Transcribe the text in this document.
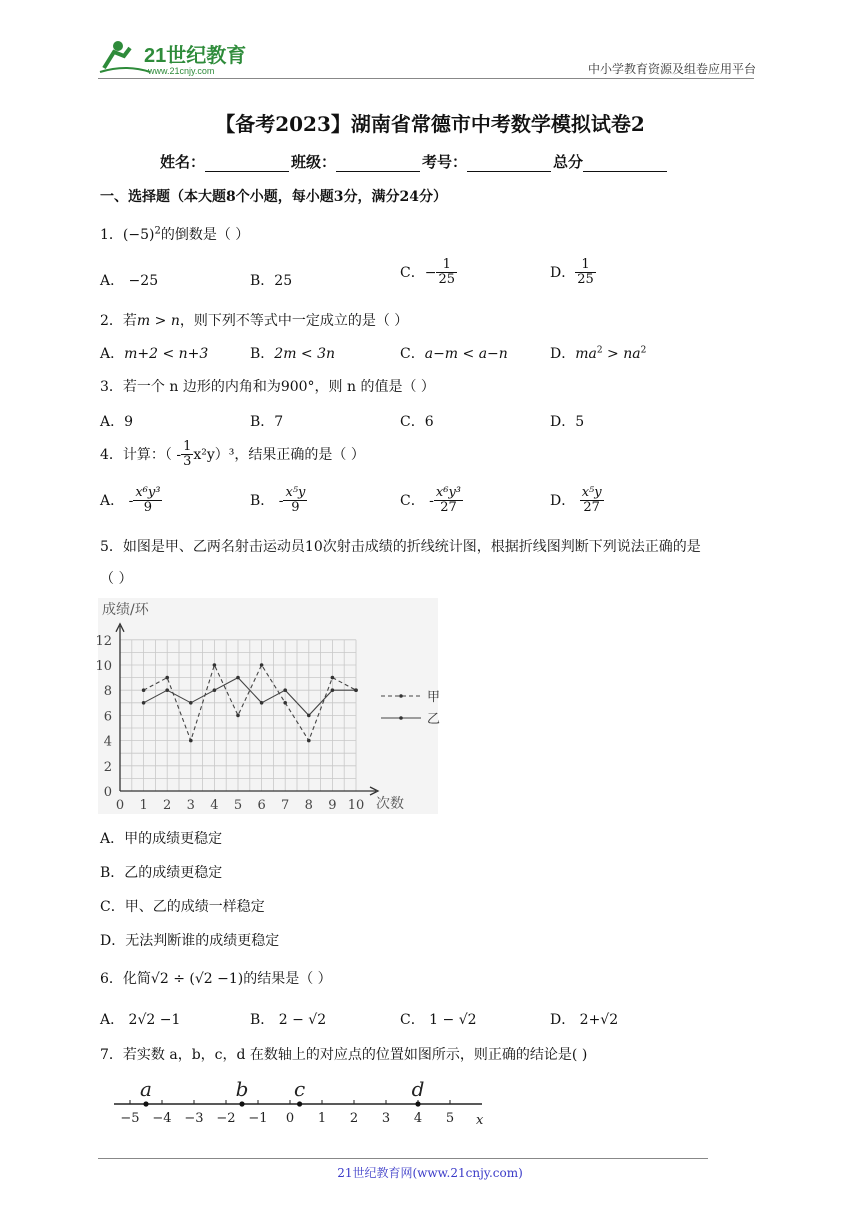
21世纪教育
www.21cnjy.com	中小学教育资源及组卷应用平台
【备考2023】湖南省常德市中考数学模拟试卷2
姓名：	班级：	考号：	总分
一、选择题（本大题8个小题，每小题3分，满分24分）
1．$(-5)^2$的倒数是（ ）
A． −25	B．25
C．− $\frac{1}{25}$	D． $\frac{1}{25}$
2．若m > n，则下列不等式中一定成立的是（ ）
A．m+2 < n+3	B．2m < 3n	C．a−m < a−n	D．$ma^2 > na^2$
3．若一个 n 边形的内角和为900°，则 n 的值是（ ）
A．9	B．7	C．6	D．5
4．计算：（ - $\frac{1}{3} x^2y)^3$，结果正确的是（ ）
A． - $\frac{\text{x⁶y³}}{9}$	B． - $\frac{\text{x⁵y}}{9}$	C． - $\frac{\text{x⁶y³}}{27}$	D． $\frac{\text{x⁵y}}{27}$
5．如图是甲、乙两名射击运动员10次射击成绩的折线统计图，根据折线图判断下列说法正确的是
（ ）
成绩/环
次数
0
2
4
6
8
10
12
0 1 2 3 4 5 6 7 8 9 10
甲
乙
A．甲的成绩更稳定
B．乙的成绩更稳定
C．甲、乙的成绩一样稳定
D．无法判断谁的成绩更稳定
6．化简√2 ÷ (√2 −1)的结果是（ ）
A． 2√2 −1	B． 2 − √2	C． 1 − √2	D． 2+√2
7．若实数 a，b，c，d 在数轴上的对应点的位置如图所示，则正确的结论是( )
−5 −4 −3 −2 −1 0 1 2 3 4 5 x
a	b c	d
21世纪教育网(www.21cnjy.com)
